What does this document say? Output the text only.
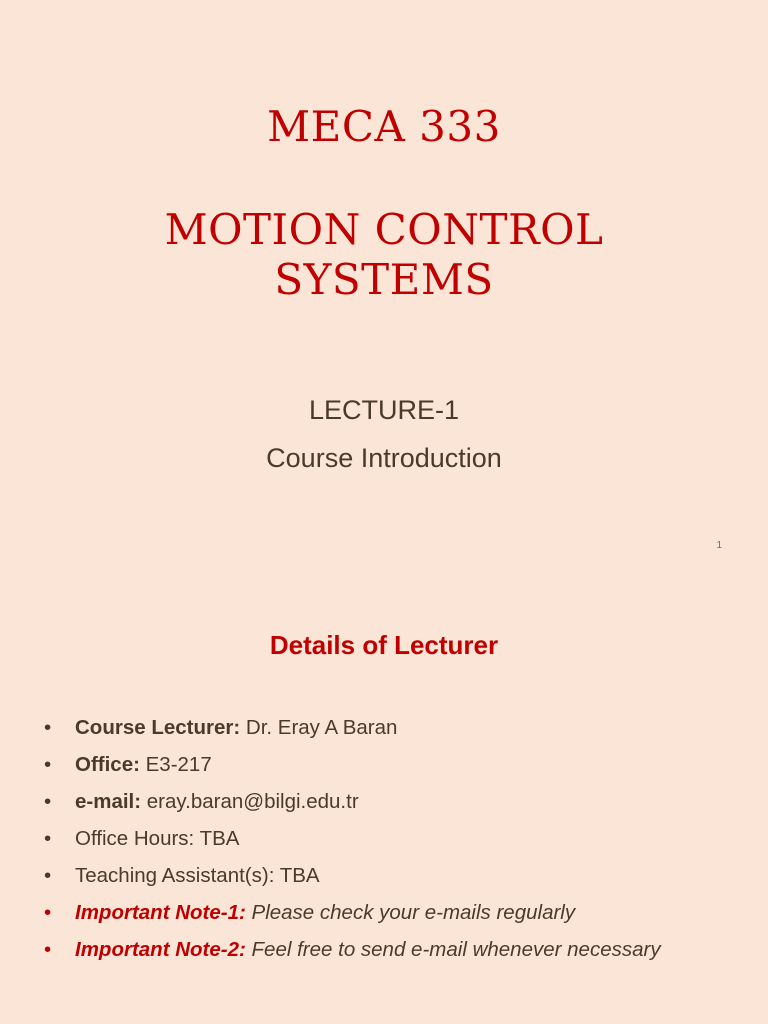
MECA 333
MOTION CONTROL
SYSTEMS
LECTURE-1
Course Introduction
1
Details of Lecturer
• Course Lecturer: Dr. Eray A Baran
• Office: E3-217
• e-mail: eray.baran@bilgi.edu.tr
• Office Hours: TBA
• Teaching Assistant(s): TBA
• Important Note-1: Please check your e-mails regularly
• Important Note-2: Feel free to send e-mail whenever necessary
